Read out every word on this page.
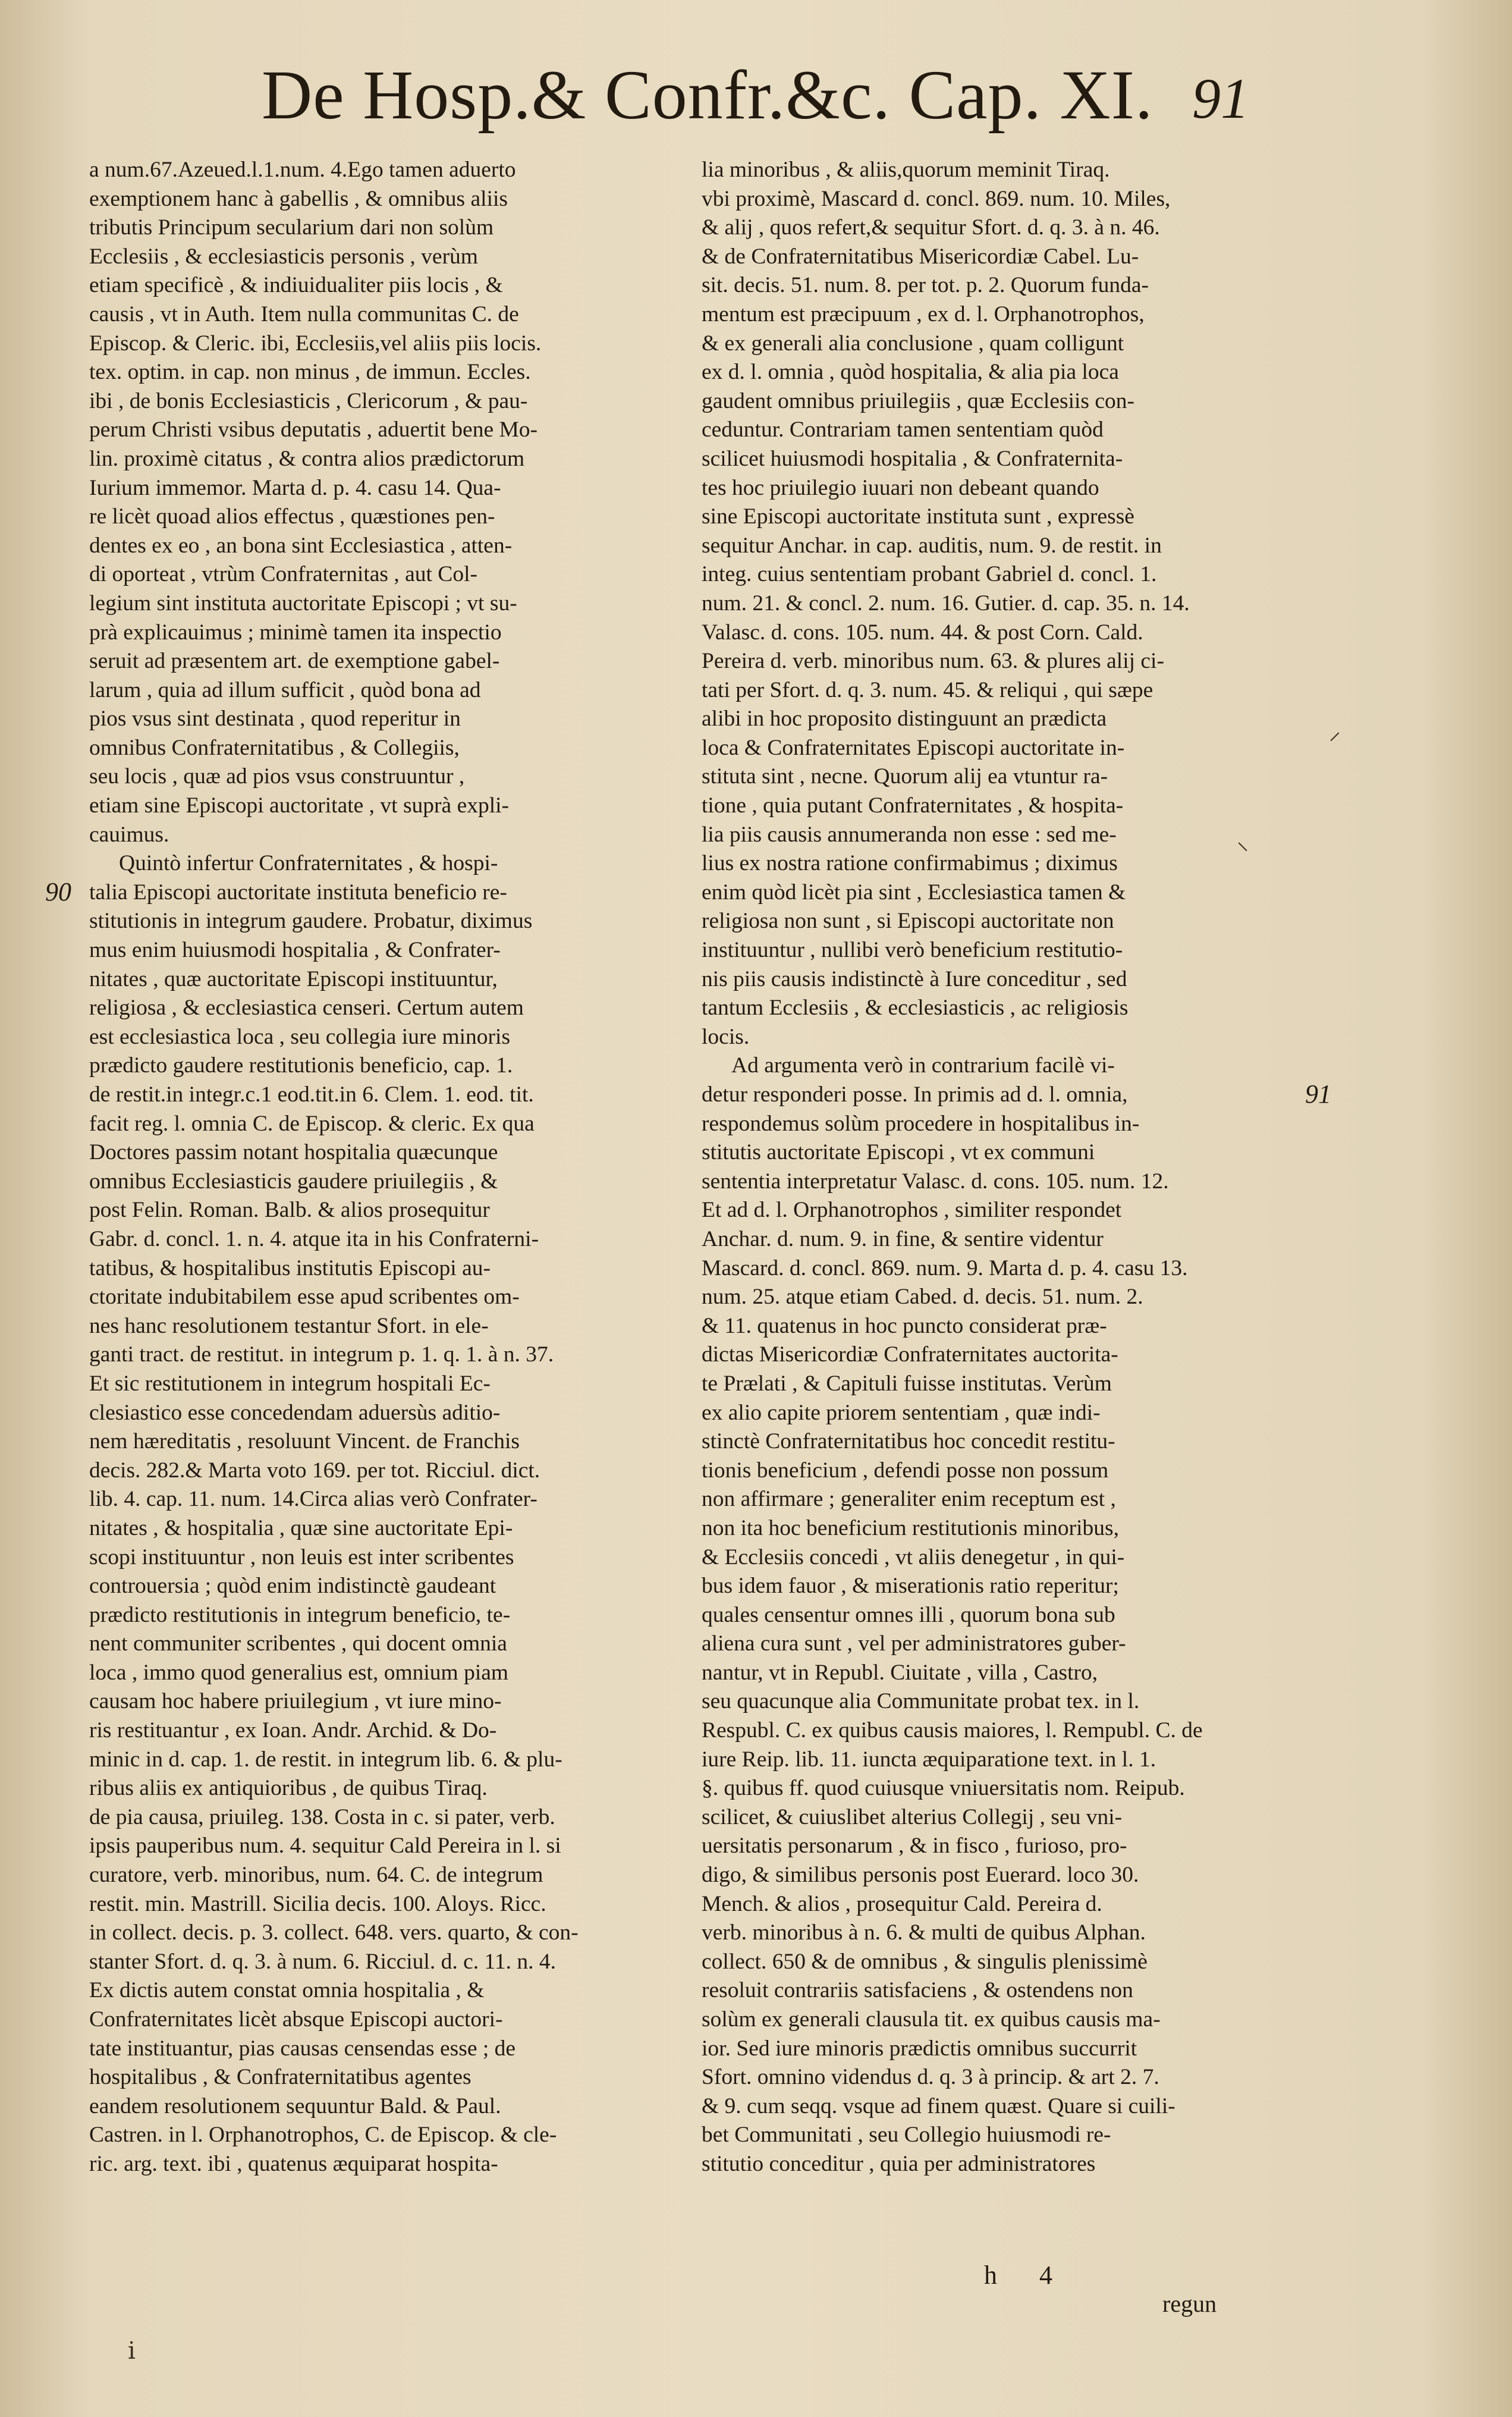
De Hosp.& Confr.&c. Cap. XI. 91
a num.67.Azeued.l.1.num. 4.Ego tamen aduerto
exemptionem hanc à gabellis , & omnibus aliis
tributis Principum secularium dari non solùm
Ecclesiis , & ecclesiasticis personis , verùm
etiam specificè , & indiuidualiter piis locis , &
causis , vt in Auth. Item nulla communitas C. de
Episcop. & Cleric. ibi, Ecclesiis,vel aliis piis locis.
tex. optim. in cap. non minus , de immun. Eccles.
ibi , de bonis Ecclesiasticis , Clericorum , & pau-
perum Christi vsibus deputatis , aduertit bene Mo-
lin. proximè citatus , & contra alios prædictorum
Iurium immemor. Marta d. p. 4. casu 14. Qua-
re licèt quoad alios effectus , quæstiones pen-
dentes ex eo , an bona sint Ecclesiastica , atten-
di oporteat , vtrùm Confraternitas , aut Col-
legium sint instituta auctoritate Episcopi ; vt su-
prà explicauimus ; minimè tamen ita inspectio
seruit ad præsentem art. de exemptione gabel-
larum , quia ad illum sufficit , quòd bona ad
pios vsus sint destinata , quod reperitur in
omnibus Confraternitatibus , & Collegiis,
seu locis , quæ ad pios vsus construuntur ,
etiam sine Episcopi auctoritate , vt suprà expli-
cauimus.
Quintò infertur Confraternitates , & hospi-
talia Episcopi auctoritate instituta beneficio re-
stitutionis in integrum gaudere. Probatur, diximus
mus enim huiusmodi hospitalia , & Confrater-
nitates , quæ auctoritate Episcopi instituuntur,
religiosa , & ecclesiastica censeri. Certum autem
est ecclesiastica loca , seu collegia iure minoris
prædicto gaudere restitutionis beneficio, cap. 1.
de restit.in integr.c.1 eod.tit.in 6. Clem. 1. eod. tit.
facit reg. l. omnia C. de Episcop. & cleric. Ex qua
Doctores passim notant hospitalia quæcunque
omnibus Ecclesiasticis gaudere priuilegiis , &
post Felin. Roman. Balb. & alios prosequitur
Gabr. d. concl. 1. n. 4. atque ita in his Confraterni-
tatibus, & hospitalibus institutis Episcopi au-
ctoritate indubitabilem esse apud scribentes om-
nes hanc resolutionem testantur Sfort. in ele-
ganti tract. de restitut. in integrum p. 1. q. 1. à n. 37.
Et sic restitutionem in integrum hospitali Ec-
clesiastico esse concedendam aduersùs aditio-
nem hæreditatis , resoluunt Vincent. de Franchis
decis. 282.& Marta voto 169. per tot. Ricciul. dict.
lib. 4. cap. 11. num. 14.Circa alias verò Confrater-
nitates , & hospitalia , quæ sine auctoritate Epi-
scopi instituuntur , non leuis est inter scribentes
controuersia ; quòd enim indistinctè gaudeant
prædicto restitutionis in integrum beneficio, te-
nent communiter scribentes , qui docent omnia
loca , immo quod generalius est, omnium piam
causam hoc habere priuilegium , vt iure mino-
ris restituantur , ex Ioan. Andr. Archid. & Do-
minic in d. cap. 1. de restit. in integrum lib. 6. & plu-
ribus aliis ex antiquioribus , de quibus Tiraq.
de pia causa, priuileg. 138. Costa in c. si pater, verb.
ipsis pauperibus num. 4. sequitur Cald Pereira in l. si
curatore, verb. minoribus, num. 64. C. de integrum
restit. min. Mastrill. Sicilia decis. 100. Aloys. Ricc.
in collect. decis. p. 3. collect. 648. vers. quarto, & con-
stanter Sfort. d. q. 3. à num. 6. Ricciul. d. c. 11. n. 4.
Ex dictis autem constat omnia hospitalia , &
Confraternitates licèt absque Episcopi auctori-
tate instituantur, pias causas censendas esse ; de
hospitalibus , & Confraternitatibus agentes
eandem resolutionem sequuntur Bald. & Paul.
Castren. in l. Orphanotrophos, C. de Episcop. & cle-
ric. arg. text. ibi , quatenus æquiparat hospita-
lia minoribus , & aliis,quorum meminit Tiraq.
vbi proximè, Mascard d. concl. 869. num. 10. Miles,
& alij , quos refert,& sequitur Sfort. d. q. 3. à n. 46.
& de Confraternitatibus Misericordiæ Cabel. Lu-
sit. decis. 51. num. 8. per tot. p. 2. Quorum funda-
mentum est præcipuum , ex d. l. Orphanotrophos,
& ex generali alia conclusione , quam colligunt
ex d. l. omnia , quòd hospitalia, & alia pia loca
gaudent omnibus priuilegiis , quæ Ecclesiis con-
ceduntur. Contrariam tamen sententiam quòd
scilicet huiusmodi hospitalia , & Confraternita-
tes hoc priuilegio iuuari non debeant quando
sine Episcopi auctoritate instituta sunt , expressè
sequitur Anchar. in cap. auditis, num. 9. de restit. in
integ. cuius sententiam probant Gabriel d. concl. 1.
num. 21. & concl. 2. num. 16. Gutier. d. cap. 35. n. 14.
Valasc. d. cons. 105. num. 44. & post Corn. Cald.
Pereira d. verb. minoribus num. 63. & plures alij ci-
tati per Sfort. d. q. 3. num. 45. & reliqui , qui sæpe
alibi in hoc proposito distinguunt an prædicta
loca & Confraternitates Episcopi auctoritate in-
stituta sint , necne. Quorum alij ea vtuntur ra-
tione , quia putant Confraternitates , & hospita-
lia piis causis annumeranda non esse : sed me-
lius ex nostra ratione confirmabimus ; diximus
enim quòd licèt pia sint , Ecclesiastica tamen &
religiosa non sunt , si Episcopi auctoritate non
instituuntur , nullibi verò beneficium restitutio-
nis piis causis indistinctè à Iure conceditur , sed
tantum Ecclesiis , & ecclesiasticis , ac religiosis
locis.
Ad argumenta verò in contrarium facilè vi-
detur responderi posse. In primis ad d. l. omnia,
respondemus solùm procedere in hospitalibus in-
stitutis auctoritate Episcopi , vt ex communi
sententia interpretatur Valasc. d. cons. 105. num. 12.
Et ad d. l. Orphanotrophos , similiter respondet
Anchar. d. num. 9. in fine, & sentire videntur
Mascard. d. concl. 869. num. 9. Marta d. p. 4. casu 13.
num. 25. atque etiam Cabed. d. decis. 51. num. 2.
& 11. quatenus in hoc puncto considerat præ-
dictas Misericordiæ Confraternitates auctorita-
te Prælati , & Capituli fuisse institutas. Verùm
ex alio capite priorem sententiam , quæ indi-
stinctè Confraternitatibus hoc concedit restitu-
tionis beneficium , defendi posse non possum
non affirmare ; generaliter enim receptum est ,
non ita hoc beneficium restitutionis minoribus,
& Ecclesiis concedi , vt aliis denegetur , in qui-
bus idem fauor , & miserationis ratio reperitur;
quales censentur omnes illi , quorum bona sub
aliena cura sunt , vel per administratores guber-
nantur, vt in Republ. Ciuitate , villa , Castro,
seu quacunque alia Communitate probat tex. in l.
Respubl. C. ex quibus causis maiores, l. Rempubl. C. de
iure Reip. lib. 11. iuncta æquiparatione text. in l. 1.
§. quibus ff. quod cuiusque vniuersitatis nom. Reipub.
scilicet, & cuiuslibet alterius Collegij , seu vni-
uersitatis personarum , & in fisco , furioso, pro-
digo, & similibus personis post Euerard. loco 30.
Mench. & alios , prosequitur Cald. Pereira d.
verb. minoribus à n. 6. & multi de quibus Alphan.
collect. 650 & de omnibus , & singulis plenissimè
resoluit contrariis satisfaciens , & ostendens non
solùm ex generali clausula tit. ex quibus causis ma-
ior. Sed iure minoris prædictis omnibus succurrit
Sfort. omnino videndus d. q. 3 à princip. & art 2. 7.
& 9. cum seqq. vsque ad finem quæst. Quare si cuili-
bet Communitati , seu Collegio huiusmodi re-
stitutio conceditur , quia per administratores
90
91
⸝
⸜
ⅰ
h 4
regun
